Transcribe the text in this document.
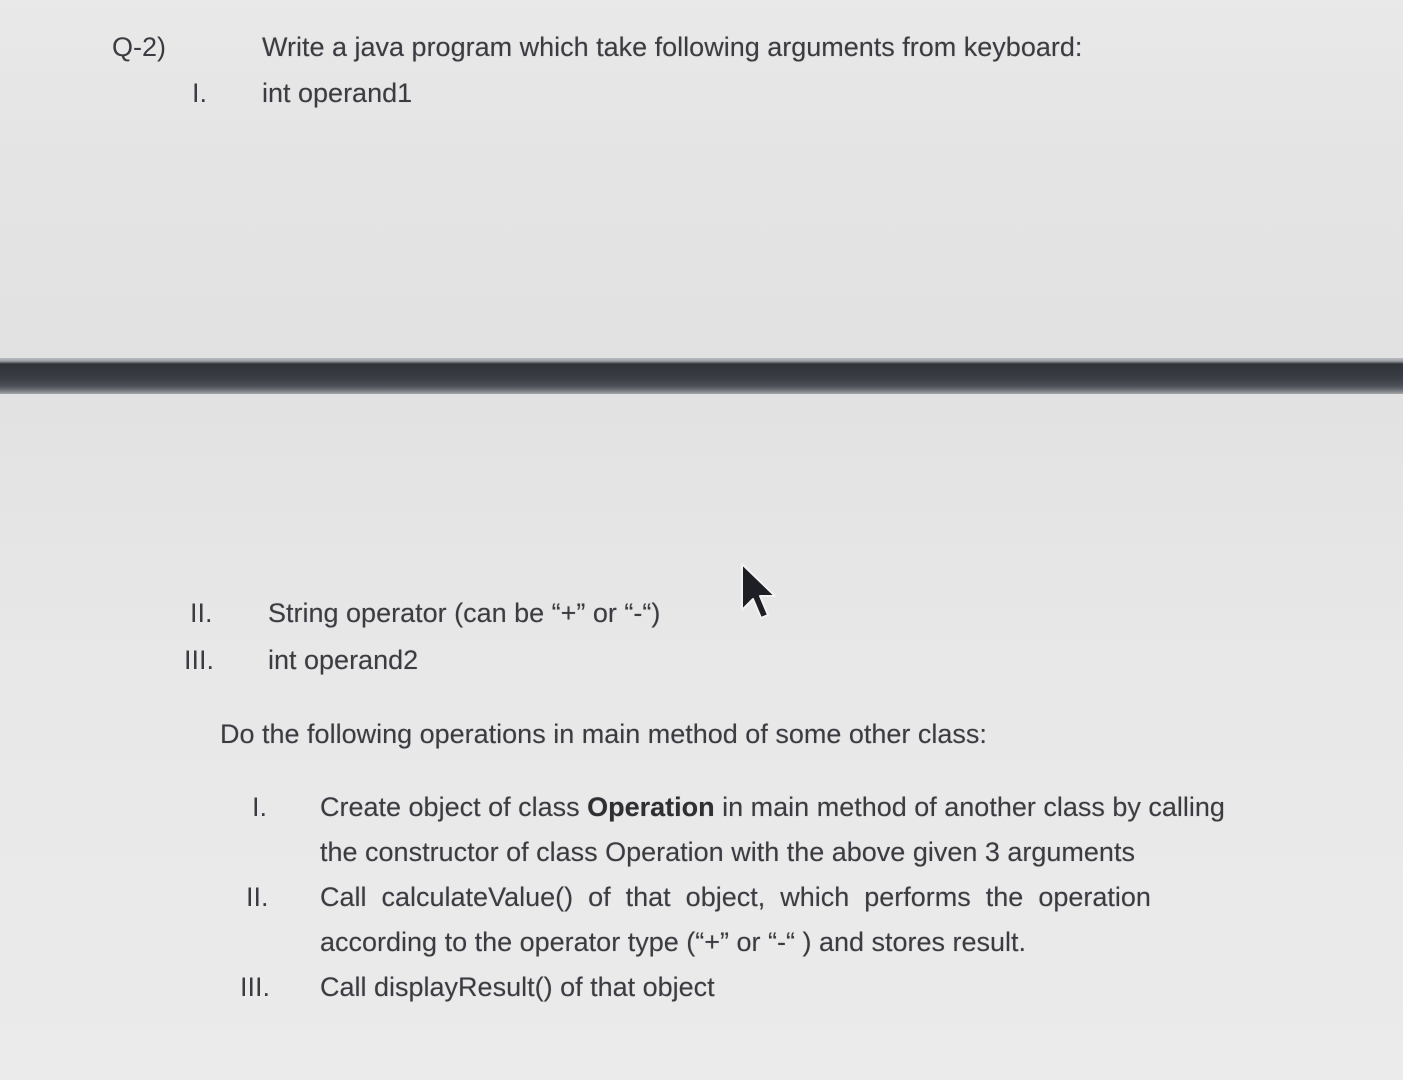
Q-2)	Write a java program which take following arguments from keyboard:
I. int operand1
II. String operator (can be “+” or “-“)
III. int operand2
Do the following operations in main method of some other class:
I. Create object of class Operation in main method of another class by calling
the constructor of class Operation with the above given 3 arguments
II. Call  calculateValue()  of  that  object,  which  performs  the  operation
according to the operator type (“+” or “-“ ) and stores result.
III. Call displayResult() of that object
